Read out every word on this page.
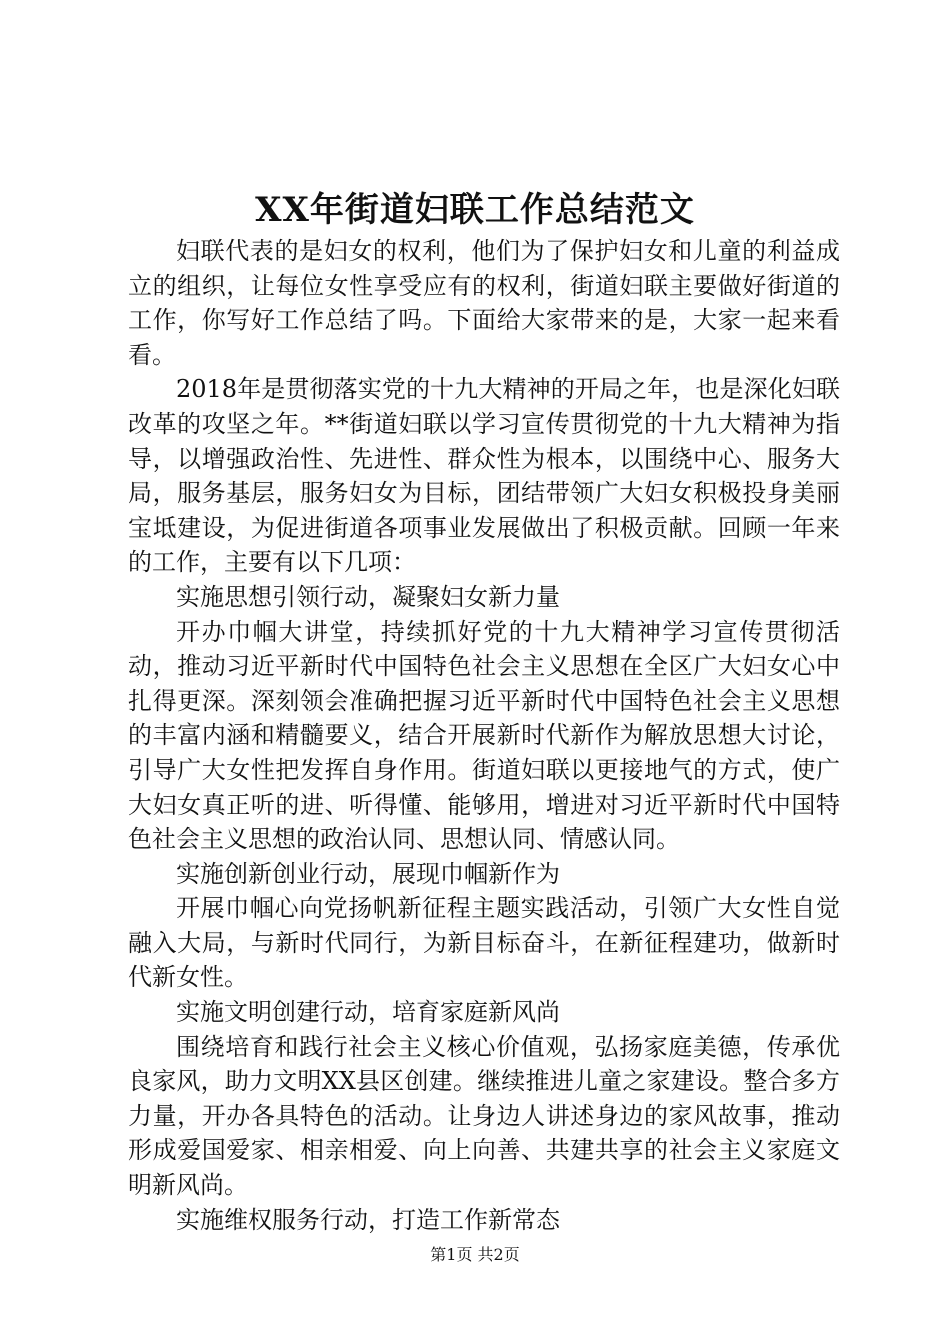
XX年街道妇联工作总结范文

妇联代表的是妇女的权利，他们为了保护妇女和儿童的利益成立的组织，让每位女性享受应有的权利，街道妇联主要做好街道的工作，你写好工作总结了吗。下面给大家带来的是，大家一起来看看。

2018年是贯彻落实党的十九大精神的开局之年，也是深化妇联改革的攻坚之年。**街道妇联以学习宣传贯彻党的十九大精神为指导，以增强政治性、先进性、群众性为根本，以围绕中心、服务大局，服务基层，服务妇女为目标，团结带领广大妇女积极投身美丽宝坻建设，为促进街道各项事业发展做出了积极贡献。回顾一年来的工作，主要有以下几项：

实施思想引领行动，凝聚妇女新力量

开办巾帼大讲堂，持续抓好党的十九大精神学习宣传贯彻活动，推动习近平新时代中国特色社会主义思想在全区广大妇女心中扎得更深。深刻领会准确把握习近平新时代中国特色社会主义思想的丰富内涵和精髓要义，结合开展新时代新作为解放思想大讨论，引导广大女性把发挥自身作用。街道妇联以更接地气的方式，使广大妇女真正听的进、听得懂、能够用，增进对习近平新时代中国特色社会主义思想的政治认同、思想认同、情感认同。

实施创新创业行动，展现巾帼新作为

开展巾帼心向党扬帆新征程主题实践活动，引领广大女性自觉融入大局，与新时代同行，为新目标奋斗，在新征程建功，做新时代新女性。

实施文明创建行动，培育家庭新风尚

围绕培育和践行社会主义核心价值观，弘扬家庭美德，传承优良家风，助力文明XX县区创建。继续推进儿童之家建设。整合多方力量，开办各具特色的活动。让身边人讲述身边的家风故事，推动形成爱国爱家、相亲相爱、向上向善、共建共享的社会主义家庭文明新风尚。

实施维权服务行动，打造工作新常态

第1页 共2页
